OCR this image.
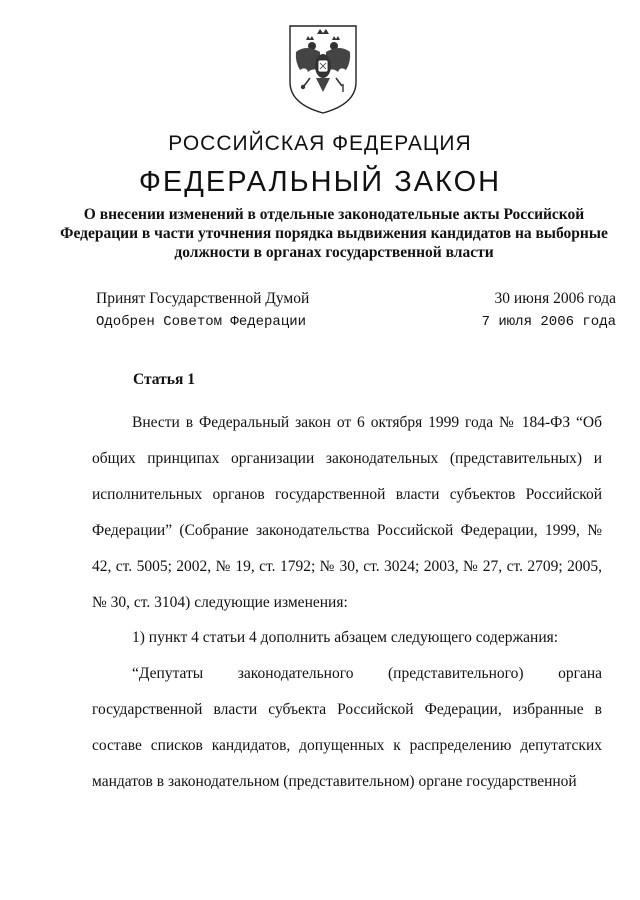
РОССИЙСКАЯ ФЕДЕРАЦИЯ
ФЕДЕРАЛЬНЫЙ ЗАКОН
О внесении изменений в отдельные законодательные акты Российской Федерации в части уточнения порядка выдвижения кандидатов на выборные должности в органах государственной власти
Принят Государственной Думой	30 июня 2006 года
Одобрен Советом Федерации	7 июля 2006 года
Статья 1
Внести в Федеральный закон от 6 октября 1999 года № 184-ФЗ “Об общих принципах организации законодательных (представительных) и исполнительных органов государственной власти субъектов Российской Федерации” (Собрание законодательства Российской Федерации, 1999, № 42, ст. 5005; 2002, № 19, ст. 1792; № 30, ст. 3024; 2003, № 27, ст. 2709; 2005, № 30, ст. 3104) следующие изменения:
1) пункт 4 статьи 4 дополнить абзацем следующего содержания:
“Депутаты законодательного (представительного) органа государственной власти субъекта Российской Федерации, избранные в составе списков кандидатов, допущенных к распределению депутатских мандатов в законодательном (представительном) органе государственной
